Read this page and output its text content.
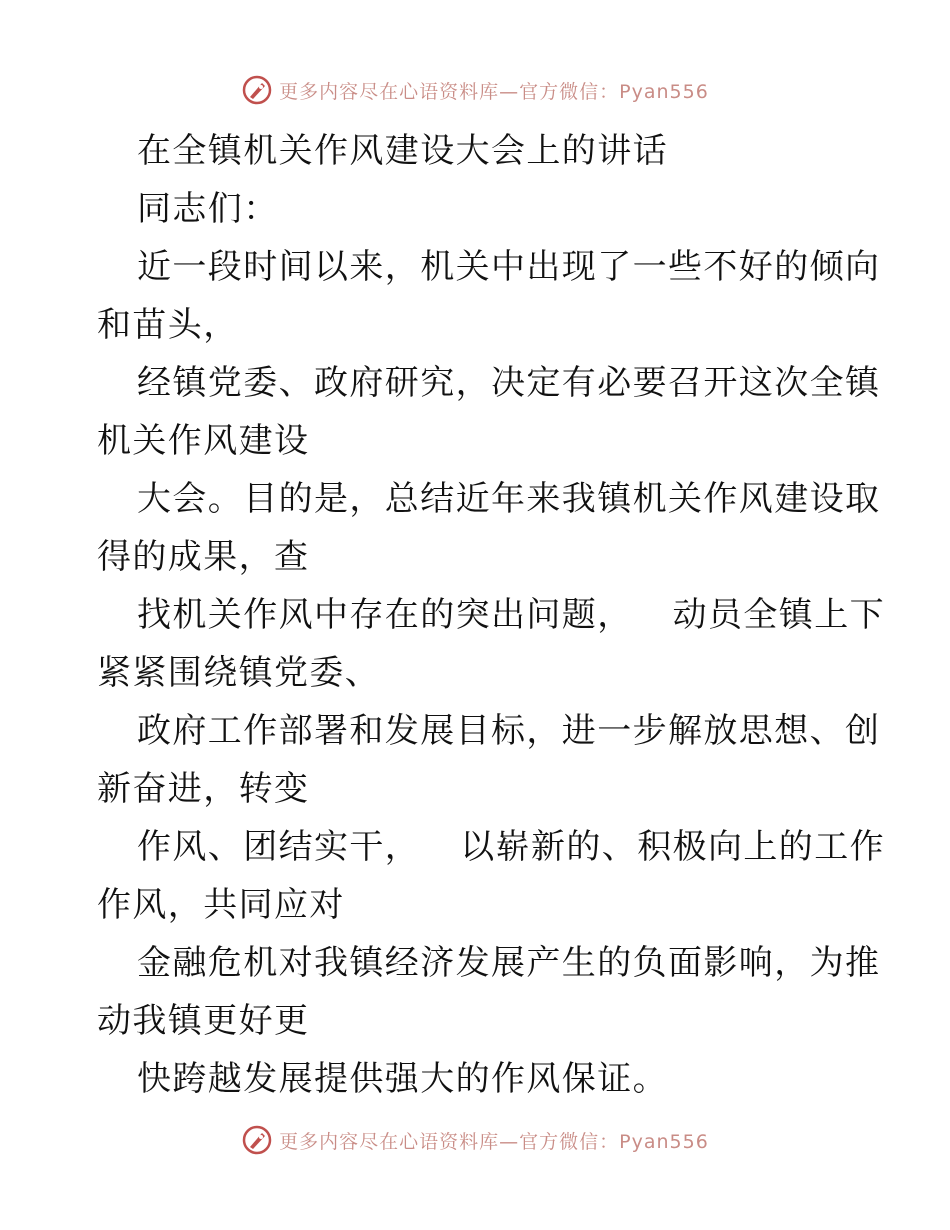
更多内容尽在心语资料库—官方微信：Pyan556
在全镇机关作风建设大会上的讲话
同志们：
近一段时间以来，机关中出现了一些不好的倾向
和苗头，
经镇党委、政府研究，决定有必要召开这次全镇
机关作风建设
大会。目的是，总结近年来我镇机关作风建设取
得的成果，查
找机关作风中存在的突出问题， 动员全镇上下
紧紧围绕镇党委、
政府工作部署和发展目标，进一步解放思想、创
新奋进，转变
作风、团结实干， 以崭新的、积极向上的工作
作风，共同应对
金融危机对我镇经济发展产生的负面影响，为推
动我镇更好更
快跨越发展提供强大的作风保证。
更多内容尽在心语资料库—官方微信：Pyan556
